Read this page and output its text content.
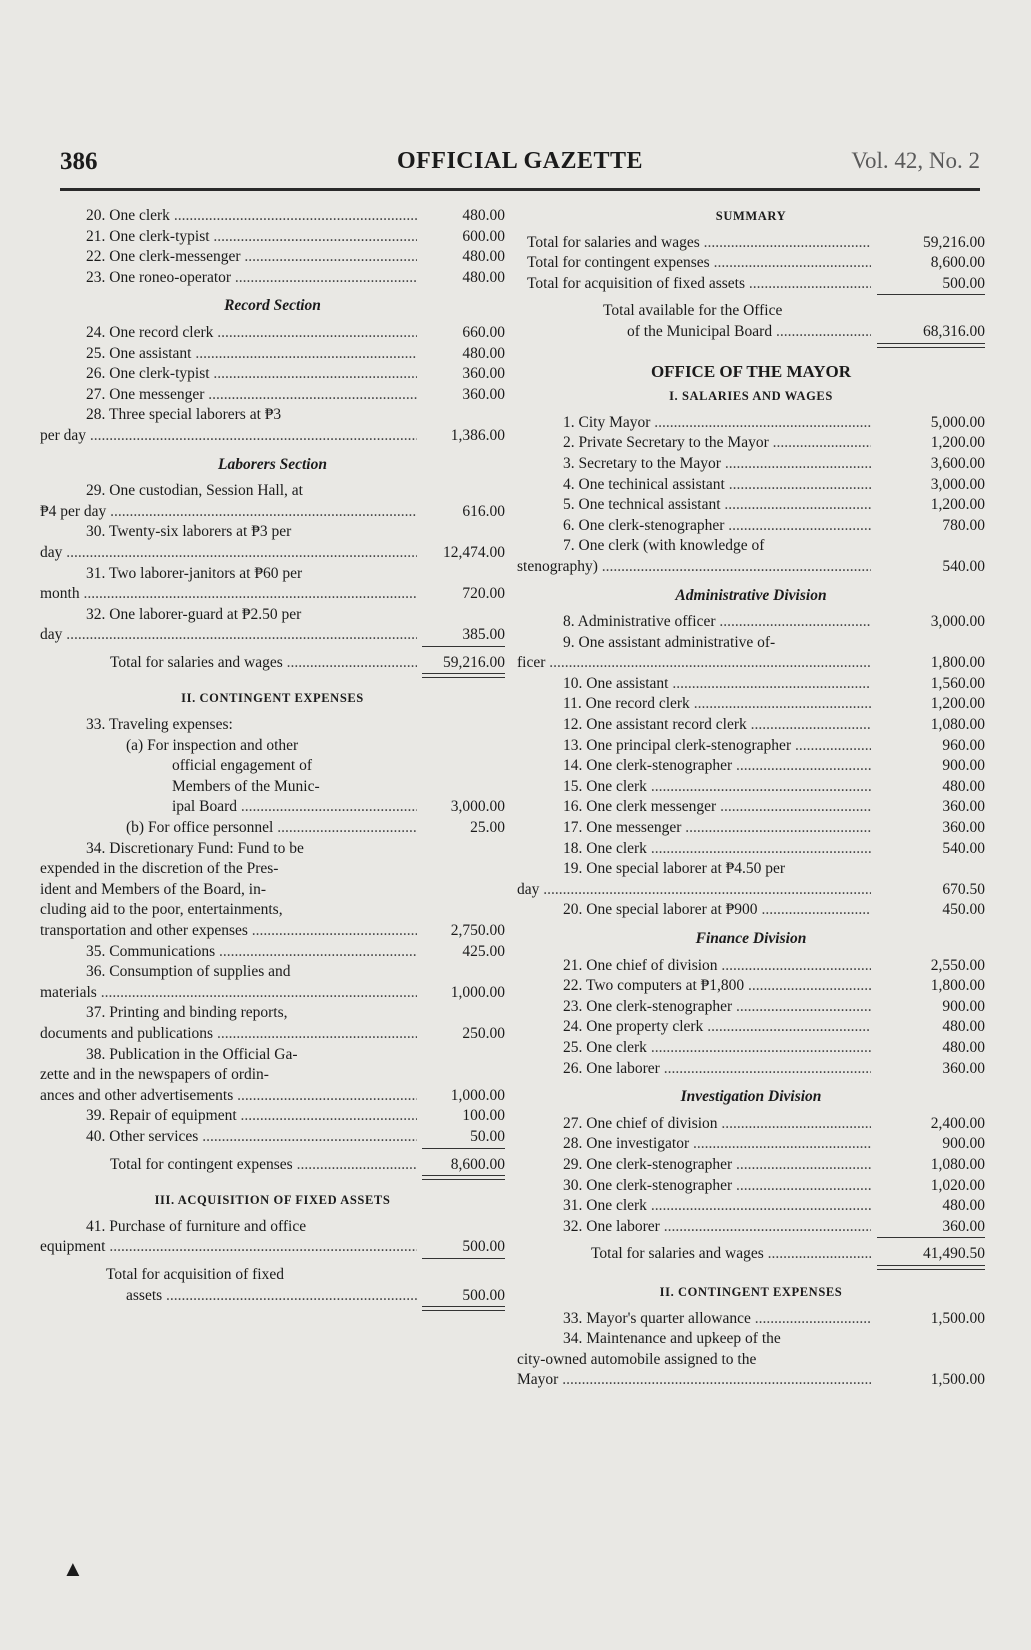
OFFICIAL GAZETTE
386	Vol. 42, No. 2
20. One clerk .....	480.00
21. One clerk-typist .....	600.00
22. One clerk-messenger .....	480.00
23. One roneo-operator .....	480.00
Record Section
24. One record clerk .....	660.00
25. One assistant .....	480.00
26. One clerk-typist .....	360.00
27. One messenger .....	360.00
28. Three special laborers at ₱3
per day .....	1,386.00
Laborers Section
29. One custodian, Session Hall, at
₱4 per day .....	616.00
30. Twenty-six laborers at ₱3 per
day .....	12,474.00
31. Two laborer-janitors at ₱60 per
month .....	720.00
32. One laborer-guard at ₱2.50 per
day .....	385.00
Total for salaries and wages .....	59,216.00
II. CONTINGENT EXPENSES
33. Traveling expenses:
(a) For inspection and other
official engagement of
Members of the Munic-
ipal Board .....	3,000.00
(b) For office personnel .....	25.00
34. Discretionary Fund: Fund to be
expended in the discretion of the Pres-
ident and Members of the Board, in-
cluding aid to the poor, entertainments,
transportation and other expenses .....	2,750.00
35. Communications .....	425.00
36. Consumption of supplies and
materials .....	1,000.00
37. Printing and binding reports,
documents and publications .....	250.00
38. Publication in the Official Ga-
zette and in the newspapers of ordin-
ances and other advertisements .....	1,000.00
39. Repair of equipment .....	100.00
40. Other services .....	50.00
Total for contingent expenses .....	8,600.00
III. ACQUISITION OF FIXED ASSETS
41. Purchase of furniture and office
equipment .....	500.00
Total for acquisition of fixed
assets .....	500.00
SUMMARY
Total for salaries and wages .....	59,216.00
Total for contingent expenses .....	8,600.00
Total for acquisition of fixed assets .....	500.00
Total available for the Office
of the Municipal Board .....	68,316.00
OFFICE OF THE MAYOR
I. SALARIES AND WAGES
1. City Mayor .....	5,000.00
2. Private Secretary to the Mayor .....	1,200.00
3. Secretary to the Mayor .....	3,600.00
4. One techinical assistant .....	3,000.00
5. One technical assistant .....	1,200.00
6. One clerk-stenographer .....	780.00
7. One clerk (with knowledge of
stenography) .....	540.00
Administrative Division
8. Administrative officer .....	3,000.00
9. One assistant administrative of-
ficer .....	1,800.00
10. One assistant .....	1,560.00
11. One record clerk .....	1,200.00
12. One assistant record clerk .....	1,080.00
13. One principal clerk-stenographer .....	960.00
14. One clerk-stenographer .....	900.00
15. One clerk .....	480.00
16. One clerk messenger .....	360.00
17. One messenger .....	360.00
18. One clerk .....	540.00
19. One special laborer at ₱4.50 per
day .....	670.50
20. One special laborer at ₱900 .....	450.00
Finance Division
21. One chief of division .....	2,550.00
22. Two computers at ₱1,800 .....	1,800.00
23. One clerk-stenographer .....	900.00
24. One property clerk .....	480.00
25. One clerk .....	480.00
26. One laborer .....	360.00
Investigation Division
27. One chief of division .....	2,400.00
28. One investigator .....	900.00
29. One clerk-stenographer .....	1,080.00
30. One clerk-stenographer .....	1,020.00
31. One clerk .....	480.00
32. One laborer .....	360.00
Total for salaries and wages .....	41,490.50
II. CONTINGENT EXPENSES
33. Mayor's quarter allowance .....	1,500.00
34. Maintenance and upkeep of the
city-owned automobile assigned to the
Mayor .....	1,500.00
▲
